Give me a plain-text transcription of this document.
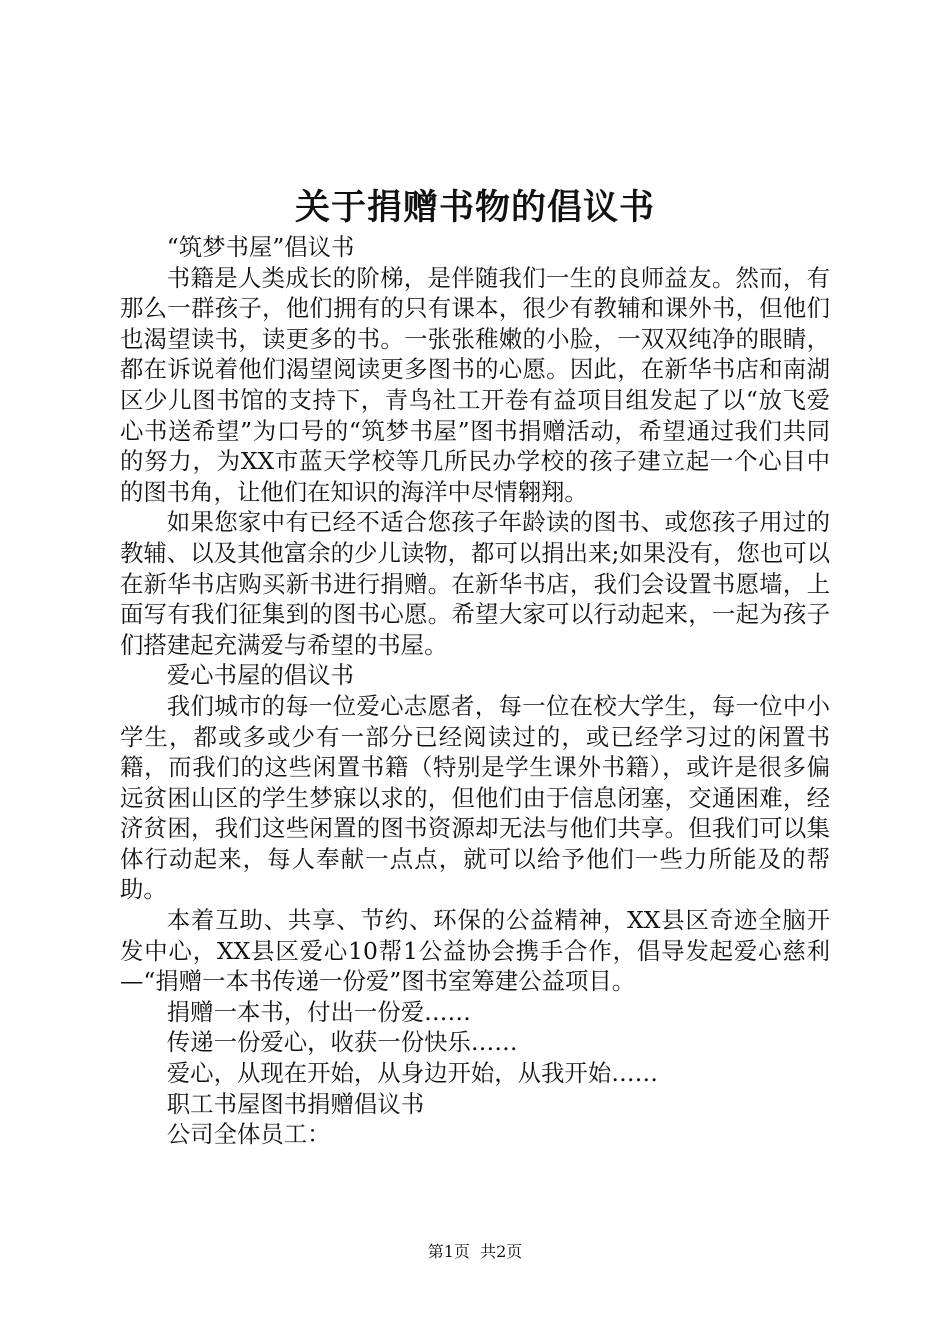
关于捐赠书物的倡议书

“筑梦书屋”倡议书

书籍是人类成长的阶梯，是伴随我们一生的良师益友。然而，有那么一群孩子，他们拥有的只有课本，很少有教辅和课外书，但他们也渴望读书，读更多的书。一张张稚嫩的小脸，一双双纯净的眼睛，都在诉说着他们渴望阅读更多图书的心愿。因此，在新华书店和南湖区少儿图书馆的支持下，青鸟社工开卷有益项目组发起了以“放飞爱心书送希望”为口号的“筑梦书屋”图书捐赠活动，希望通过我们共同的努力，为XX市蓝天学校等几所民办学校的孩子建立起一个心目中的图书角，让他们在知识的海洋中尽情翱翔。

如果您家中有已经不适合您孩子年龄读的图书、或您孩子用过的教辅、以及其他富余的少儿读物，都可以捐出来;如果没有，您也可以在新华书店购买新书进行捐赠。在新华书店，我们会设置书愿墙，上面写有我们征集到的图书心愿。希望大家可以行动起来，一起为孩子们搭建起充满爱与希望的书屋。

爱心书屋的倡议书

我们城市的每一位爱心志愿者，每一位在校大学生，每一位中小学生，都或多或少有一部分已经阅读过的，或已经学习过的闲置书籍，而我们的这些闲置书籍（特别是学生课外书籍），或许是很多偏远贫困山区的学生梦寐以求的，但他们由于信息闭塞，交通困难，经济贫困，我们这些闲置的图书资源却无法与他们共享。但我们可以集体行动起来，每人奉献一点点，就可以给予他们一些力所能及的帮助。

本着互助、共享、节约、环保的公益精神，XX县区奇迹全脑开发中心，XX县区爱心10帮1公益协会携手合作，倡导发起爱心慈利—“捐赠一本书传递一份爱”图书室筹建公益项目。

捐赠一本书，付出一份爱……

传递一份爱心，收获一份快乐……

爱心，从现在开始，从身边开始，从我开始……

职工书屋图书捐赠倡议书

公司全体员工：

第1页 共2页
